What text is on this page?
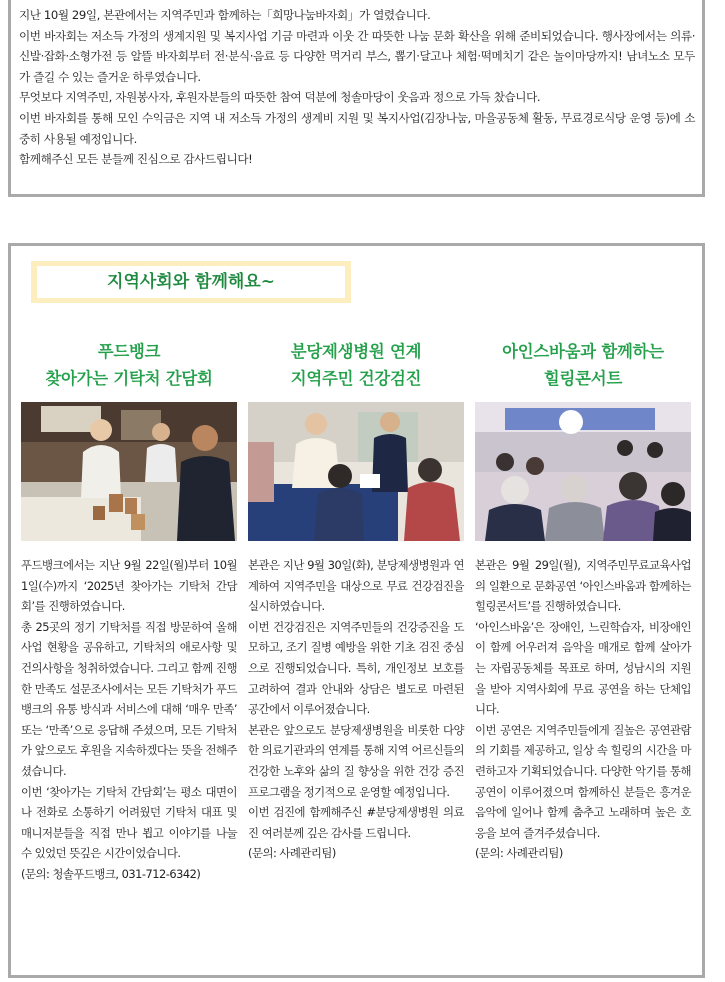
지난 10월 29일, 본관에서는 지역주민과 함께하는「희망나눔바자회」가 열렸습니다.

이번 바자회는 저소득 가정의 생계지원 및 복지사업 기금 마련과 이웃 간 따뜻한 나눔 문화 확산을 위해 준비되었습니다. 행사장에서는 의류·신발·잡화·소형가전 등 알뜰 바자회부터 전·분식·음료 등 다양한 먹거리 부스, 뽑기·달고나 체험·떡메치기 같은 놀이마당까지! 남녀노소 모두가 즐길 수 있는 즐거운 하루였습니다.

무엇보다 지역주민, 자원봉사자, 후원자분들의 따뜻한 참여 덕분에 청솔마당이 웃음과 정으로 가득 찼습니다.

이번 바자회를 통해 모인 수익금은 지역 내 저소득 가정의 생계비 지원 및 복지사업(김장나눔, 마을공동체 활동, 무료경로식당 운영 등)에 소중히 사용될 예정입니다.

함께해주신 모든 분들께 진심으로 감사드립니다!

지역사회와 함께해요~
푸드뱅크
찾아가는 기탁처 간담회

푸드뱅크에서는 지난 9월 22일(월)부터 10월 1일(수)까지 ‘2025년 찾아가는 기탁처 간담회’를 진행하였습니다.

총 25곳의 정기 기탁처를 직접 방문하여 올해 사업 현황을 공유하고, 기탁처의 애로사항 및 건의사항을 청취하였습니다. 그리고 함께 진행한 만족도 설문조사에서는 모든 기탁처가 푸드뱅크의 유통 방식과 서비스에 대해 ‘매우 만족’ 또는 ‘만족’으로 응답해 주셨으며, 모든 기탁처가 앞으로도 후원을 지속하겠다는 뜻을 전해주셨습니다.

이번 ‘찾아가는 기탁처 간담회’는 평소 대면이나 전화로 소통하기 어려웠던 기탁처 대표 및 매니저분들을 직접 만나 뵙고 이야기를 나눌 수 있었던 뜻깊은 시간이었습니다.

(문의: 청솔푸드뱅크, 031-712-6342)

분당제생병원 연계
지역주민 건강검진

본관은 지난 9월 30일(화), 분당제생병원과 연계하여 지역주민을 대상으로 무료 건강검진을 실시하였습니다.

이번 건강검진은 지역주민들의 건강증진을 도모하고, 조기 질병 예방을 위한 기초 검진 중심으로 진행되었습니다. 특히, 개인정보 보호를 고려하여 결과 안내와 상담은 별도로 마련된 공간에서 이루어졌습니다.

본관은 앞으로도 분당제생병원을 비롯한 다양한 의료기관과의 연계를 통해 지역 어르신들의 건강한 노후와 삶의 질 향상을 위한 건강 증진 프로그램을 정기적으로 운영할 예정입니다.

이번 검진에 함께해주신 #분당제생병원 의료진 여러분께 깊은 감사를 드립니다.

(문의: 사례관리팀)

아인스바움과 함께하는
힐링콘서트

본관은 9월 29일(월), 지역주민무료교육사업의 일환으로 문화공연 ‘아인스바움과 함께하는 힐링콘서트’를 진행하였습니다.

‘아인스바움’은 장애인, 느린학습자, 비장애인이 함께 어우러져 음악을 매개로 함께 살아가는 자립공동체를 목표로 하며, 성남시의 지원을 받아 지역사회에 무료 공연을 하는 단체입니다.

이번 공연은 지역주민들에게 질높은 공연관람의 기회를 제공하고, 일상 속 힐링의 시간을 마련하고자 기획되었습니다. 다양한 악기를 통해 공연이 이루어졌으며 함께하신 분들은 흥겨운 음악에 일어나 함께 춤추고 노래하며 높은 호응을 보여 즐겨주셨습니다.

(문의: 사례관리팀)
